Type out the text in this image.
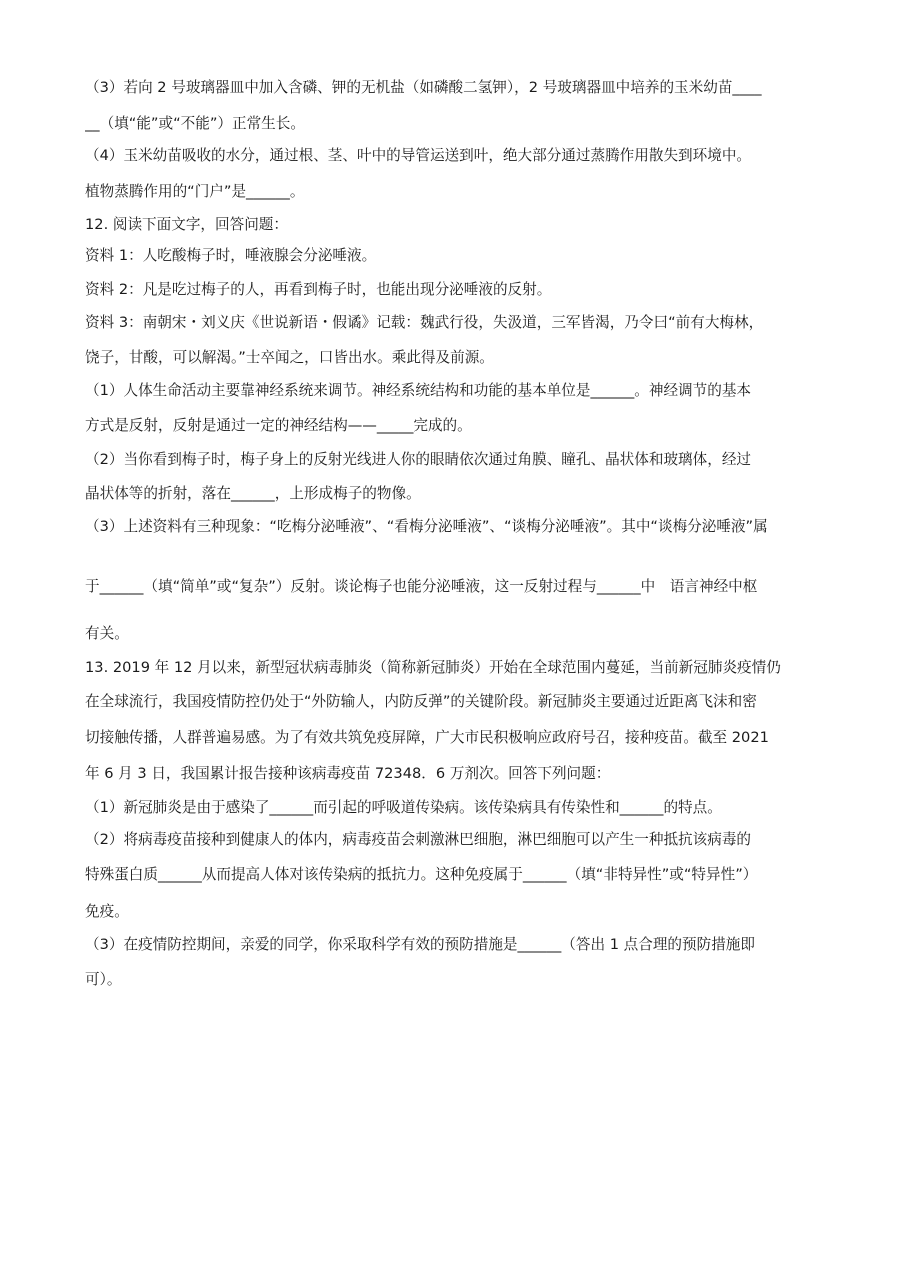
（3）若向 2 号玻璃器皿中加入含磷、钾的无机盐（如磷酸二氢钾），2 号玻璃器皿中培养的玉米幼苗____
__（填“能”或“不能”）正常生长。
（4）玉米幼苗吸收的水分，通过根、茎、叶中的导管运送到叶，绝大部分通过蒸腾作用散失到环境中。
植物蒸腾作用的“门户”是______。
12. 阅读下面文字，回答问题：
资料 1：人吃酸梅子时，唾液腺会分泌唾液。
资料 2：凡是吃过梅子的人，再看到梅子时，也能出现分泌唾液的反射。
资料 3：南朝宋・刘义庆《世说新语・假谲》记载：魏武行役，失汲道，三军皆渴，乃令曰“前有大梅林，
饶子，甘酸，可以解渴。”士卒闻之，口皆出水。乘此得及前源。
（1）人体生命活动主要靠神经系统来调节。神经系统结构和功能的基本单位是______。神经调节的基本
方式是反射，反射是通过一定的神经结构——_____完成的。
（2）当你看到梅子时，梅子身上的反射光线进人你的眼睛依次通过角膜、瞳孔、晶状体和玻璃体，经过
晶状体等的折射，落在______，上形成梅子的物像。
（3）上述资料有三种现象：“吃梅分泌唾液”、“看梅分泌唾液”、“谈梅分泌唾液”。其中“谈梅分泌唾液”属
于______（填“简单”或“复杂”）反射。谈论梅子也能分泌唾液，这一反射过程与______中　语言神经中枢
有关。
13. 2019 年 12 月以来，新型冠状病毒肺炎（简称新冠肺炎）开始在全球范围内蔓延，当前新冠肺炎疫情仍
在全球流行，我国疫情防控仍处于“外防输人，内防反弹”的关键阶段。新冠肺炎主要通过近距离飞沫和密
切接触传播，人群普遍易感。为了有效共筑免疫屏障，广大市民积极响应政府号召，接种疫苗。截至 2021
年 6 月 3 日，我国累计报告接种该病毒疫苗 72348．6 万剂次。回答下列问题：
（1）新冠肺炎是由于感染了______而引起的呼吸道传染病。该传染病具有传染性和______的特点。
（2）将病毒疫苗接种到健康人的体内，病毒疫苗会刺激淋巴细胞，淋巴细胞可以产生一种抵抗该病毒的
特殊蛋白质______从而提高人体对该传染病的抵抗力。这种免疫属于______（填“非特异性”或“特异性”）
免疫。
（3）在疫情防控期间，亲爱的同学，你采取科学有效的预防措施是______（答出 1 点合理的预防措施即
可）。
